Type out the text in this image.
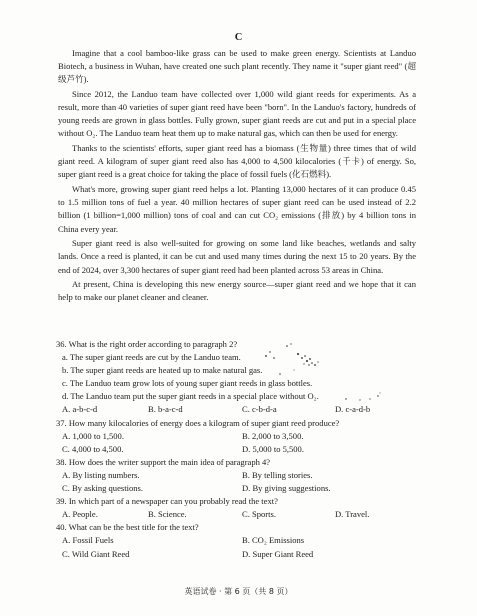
C

Imagine that a cool bamboo-like grass can be used to make green energy. Scientists at Landuo Biotech, a business in Wuhan, have created one such plant recently. They name it "super giant reed" (超级芦竹).

Since 2012, the Landuo team have collected over 1,000 wild giant reeds for experiments. As a result, more than 40 varieties of super giant reed have been "born". In the Landuo's factory, hundreds of young reeds are grown in glass bottles. Fully grown, super giant reeds are cut and put in a special place without O₂. The Landuo team heat them up to make natural gas, which can then be used for energy.

Thanks to the scientists' efforts, super giant reed has a biomass (生物量) three times that of wild giant reed. A kilogram of super giant reed also has 4,000 to 4,500 kilocalories (千卡) of energy. So, super giant reed is a great choice for taking the place of fossil fuels (化石燃料).

What's more, growing super giant reed helps a lot. Planting 13,000 hectares of it can produce 0.45 to 1.5 million tons of fuel a year. 40 million hectares of super giant reed can be used instead of 2.2 billion (1 billion=1,000 million) tons of coal and can cut CO₂ emissions (排放) by 4 billion tons in China every year.

Super giant reed is also well-suited for growing on some land like beaches, wetlands and salty lands. Once a reed is planted, it can be cut and used many times during the next 15 to 20 years. By the end of 2024, over 3,300 hectares of super giant reed had been planted across 53 areas in China.

At present, China is developing this new energy source—super giant reed and we hope that it can help to make our planet cleaner and cleaner.

36. What is the right order according to paragraph 2?
a. The super giant reeds are cut by the Landuo team.
b. The super giant reeds are heated up to make natural gas.
c. The Landuo team grow lots of young super giant reeds in glass bottles.
d. The Landuo team put the super giant reeds in a special place without O₂.
A. a-b-c-d	B. b-a-c-d	C. c-b-d-a	D. c-a-d-b
37. How many kilocalories of energy does a kilogram of super giant reed produce?
A. 1,000 to 1,500.	B. 2,000 to 3,500.
C. 4,000 to 4,500.	D. 5,000 to 5,500.
38. How does the writer support the main idea of paragraph 4?
A. By listing numbers.	B. By telling stories.
C. By asking questions.	D. By giving suggestions.
39. In which part of a newspaper can you probably read the text?
A. People.	B. Science.	C. Sports.	D. Travel.
40. What can be the best title for the text?
A. Fossil Fuels	B. CO₂ Emissions
C. Wild Giant Reed	D. Super Giant Reed
英语试卷 · 第 6 页（共 8 页）
